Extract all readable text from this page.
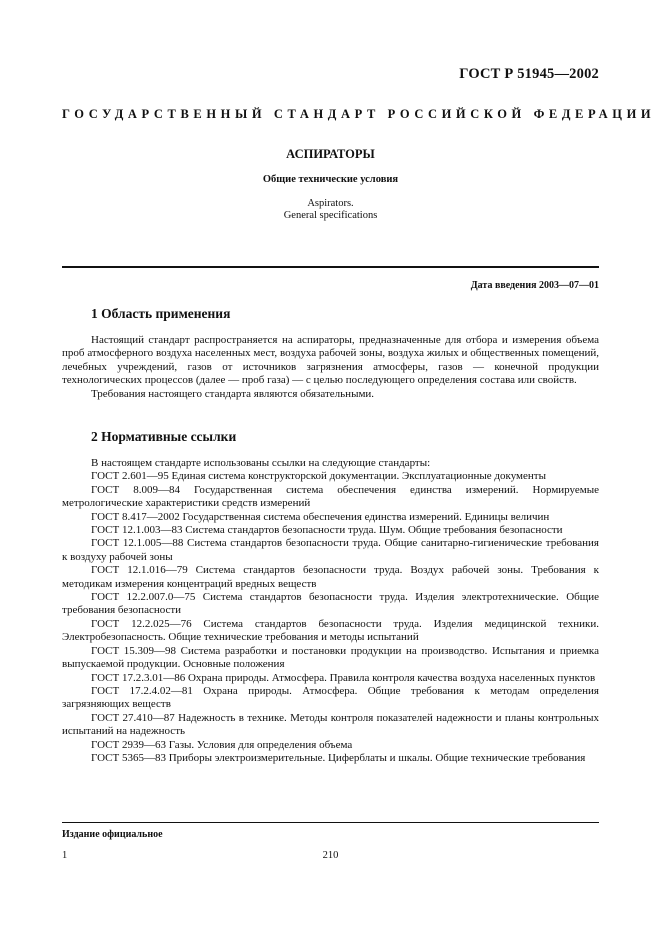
ГОСТ Р 51945—2002
ГОСУДАРСТВЕННЫЙ СТАНДАРТ РОССИЙСКОЙ ФЕДЕРАЦИИ
АСПИРАТОРЫ
Общие технические условия
Aspirators.
General specifications
Дата введения 2003—07—01
1 Область применения

Настоящий стандарт распространяется на аспираторы, предназначенные для отбора и измерения объема проб атмосферного воздуха населенных мест, воздуха рабочей зоны, воздуха жилых и общественных помещений, лечебных учреждений, газов от источников загрязнения атмосферы, газов — конечной продукции технологических процессов (далее — проб газа) — с целью последующего определения состава или свойств.

Требования настоящего стандарта являются обязательными.

2 Нормативные ссылки

В настоящем стандарте использованы ссылки на следующие стандарты:

ГОСТ 2.601—95 Единая система конструкторской документации. Эксплуатационные документы

ГОСТ 8.009—84 Государственная система обеспечения единства измерений. Нормируемые метрологические характеристики средств измерений

ГОСТ 8.417—2002 Государственная система обеспечения единства измерений. Единицы величин

ГОСТ 12.1.003—83 Система стандартов безопасности труда. Шум. Общие требования безопасности

ГОСТ 12.1.005—88 Система стандартов безопасности труда. Общие санитарно-гигиенические требования к воздуху рабочей зоны

ГОСТ 12.1.016—79 Система стандартов безопасности труда. Воздух рабочей зоны. Требования к методикам измерения концентраций вредных веществ

ГОСТ 12.2.007.0—75 Система стандартов безопасности труда. Изделия электротехнические. Общие требования безопасности

ГОСТ 12.2.025—76 Система стандартов безопасности труда. Изделия медицинской техники. Электробезопасность. Общие технические требования и методы испытаний

ГОСТ 15.309—98 Система разработки и постановки продукции на производство. Испытания и приемка выпускаемой продукции. Основные положения

ГОСТ 17.2.3.01—86 Охрана природы. Атмосфера. Правила контроля качества воздуха населенных пунктов

ГОСТ 17.2.4.02—81 Охрана природы. Атмосфера. Общие требования к методам определения загрязняющих веществ

ГОСТ 27.410—87 Надежность в технике. Методы контроля показателей надежности и планы контрольных испытаний на надежность

ГОСТ 2939—63 Газы. Условия для определения объема

ГОСТ 5365—83 Приборы электроизмерительные. Циферблаты и шкалы. Общие технические требования

Издание официальное
1	210
